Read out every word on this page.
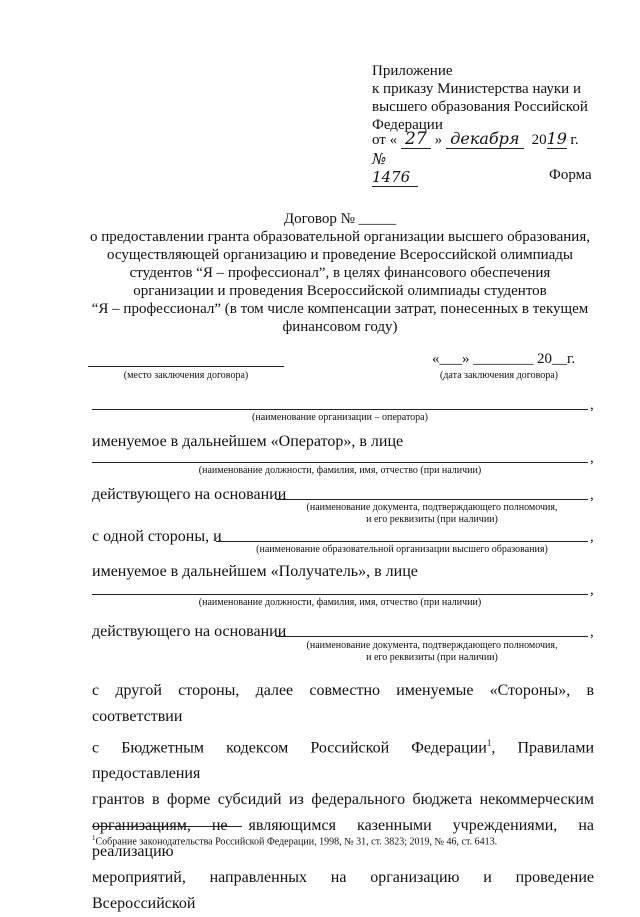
Приложение
к приказу Министерства науки и
высшего образования Российской
Федерации
от « 27 » декабря 2019 г.
№ 1476	Форма
Договор № _____
о предоставлении гранта образовательной организации высшего образования,
осуществляющей организацию и проведение Всероссийской олимпиады
студентов “Я – профессионал”, в целях финансового обеспечения
организации и проведения Всероссийской олимпиады студентов
“Я – профессионал” (в том числе компенсации затрат, понесенных в текущем
финансовом году)
(место заключения договора)
«___» ________ 20__г.
(дата заключения договора)
,
(наименование организации – оператора)
именуемое в дальнейшем «Оператор», в лице
,
(наименование должности, фамилия, имя, отчество (при наличии)
действующего на основании	,
(наименование документа, подтверждающего полномочия,
и его реквизиты (при наличии)
с одной стороны, и	,
(наименование образовательной организации высшего образования)
именуемое в дальнейшем «Получатель», в лице
,
(наименование должности, фамилия, имя, отчество (при наличии)
действующего на основании	,
(наименование документа, подтверждающего полномочия,
и его реквизиты (при наличии)
с другой стороны, далее совместно именуемые «Стороны», в соответствии
с Бюджетным кодексом Российской Федерации$^1$, Правилами предоставления
грантов в форме субсидий из федерального бюджета некоммерческим
организациям, не являющимся казенными учреждениями, на реализацию
мероприятий, направленных на организацию и проведение Всероссийской
$^1$Собрание законодательства Российской Федерации, 1998, № 31, ст. 3823; 2019, № 46, ст. 6413.
